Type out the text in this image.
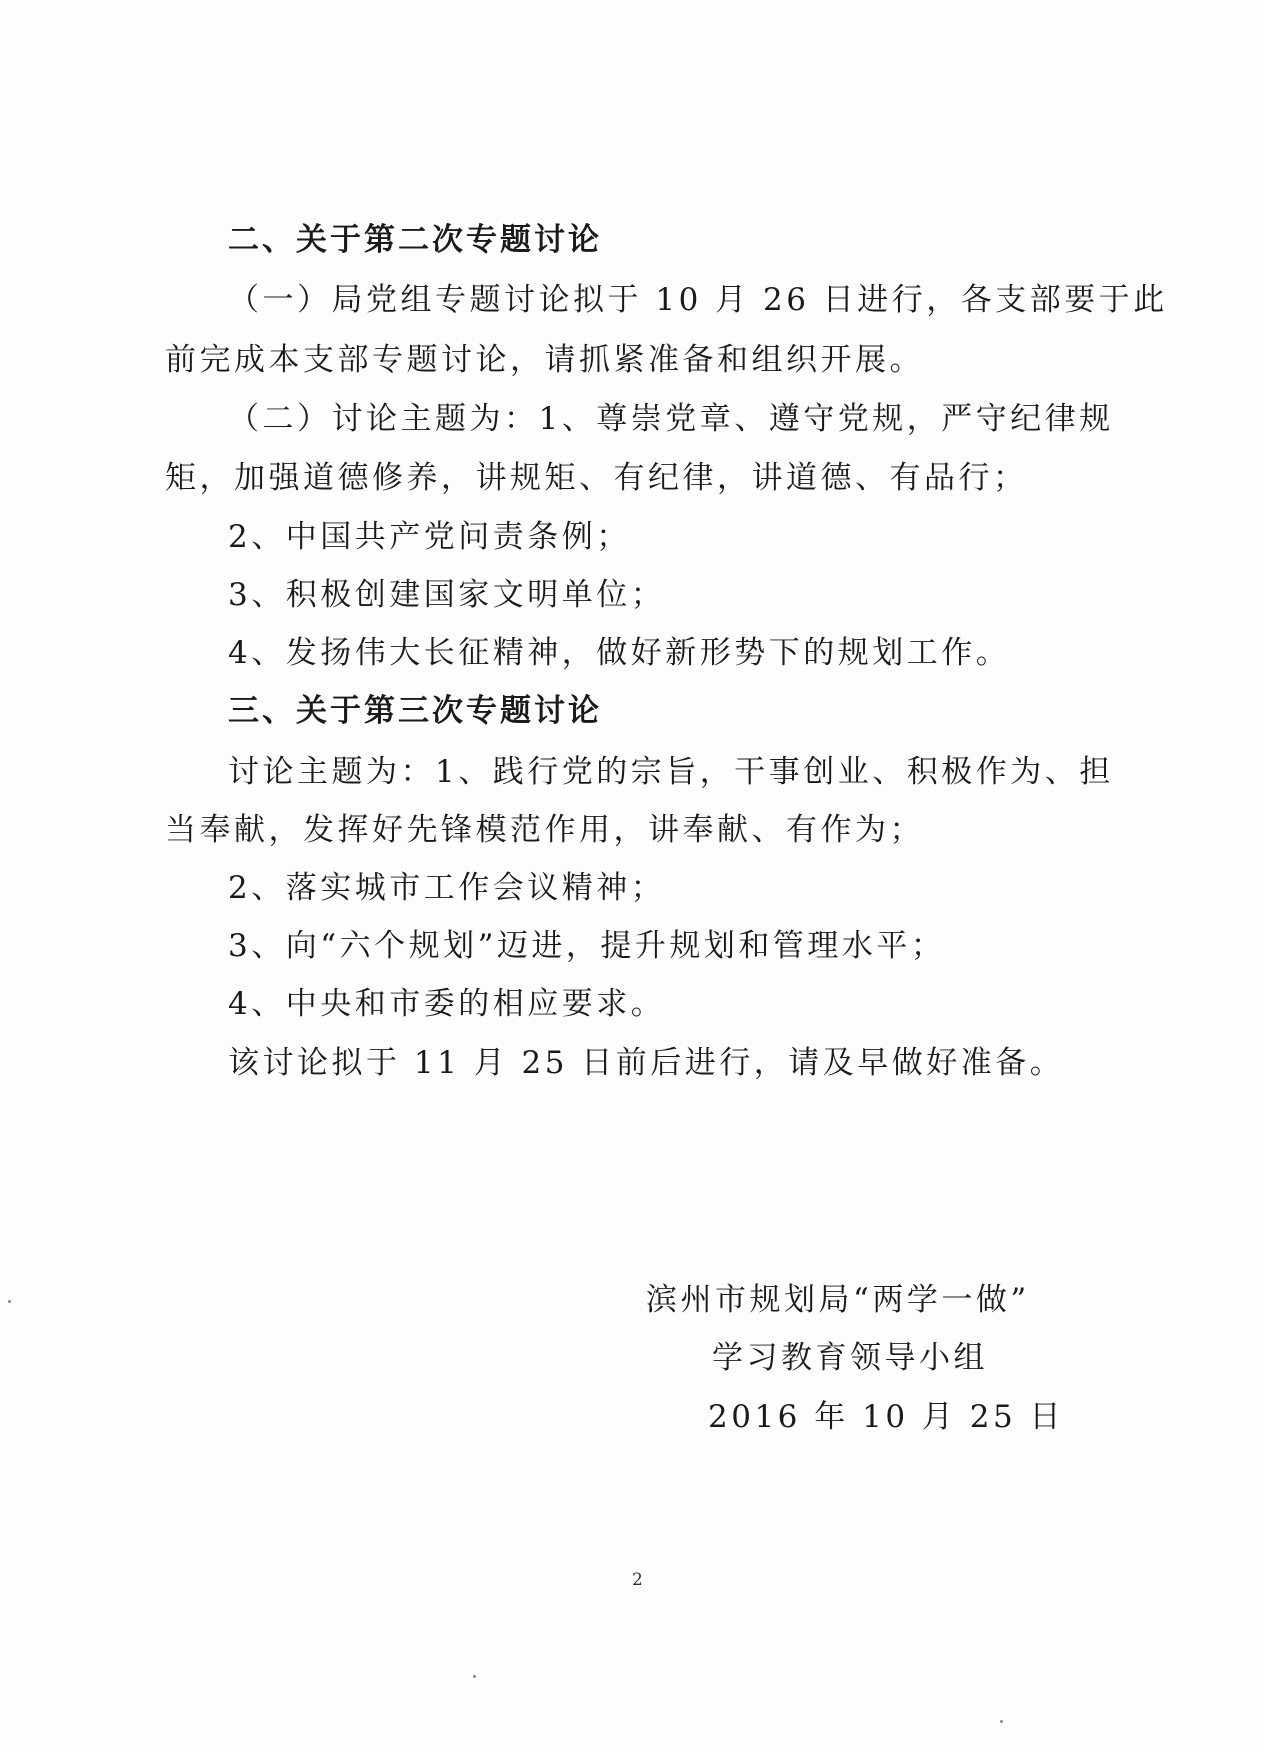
二、关于第二次专题讨论
（一）局党组专题讨论拟于 10 月 26 日进行，各支部要于此
前完成本支部专题讨论，请抓紧准备和组织开展。
（二）讨论主题为：1、尊崇党章、遵守党规，严守纪律规
矩，加强道德修养，讲规矩、有纪律，讲道德、有品行；
2、中国共产党问责条例；
3、积极创建国家文明单位；
4、发扬伟大长征精神，做好新形势下的规划工作。
三、关于第三次专题讨论
讨论主题为：1、践行党的宗旨，干事创业、积极作为、担
当奉献，发挥好先锋模范作用，讲奉献、有作为；
2、落实城市工作会议精神；
3、向“六个规划”迈进，提升规划和管理水平；
4、中央和市委的相应要求。
该讨论拟于 11 月 25 日前后进行，请及早做好准备。
滨州市规划局“两学一做”
学习教育领导小组
2016 年 10 月 25 日
2
